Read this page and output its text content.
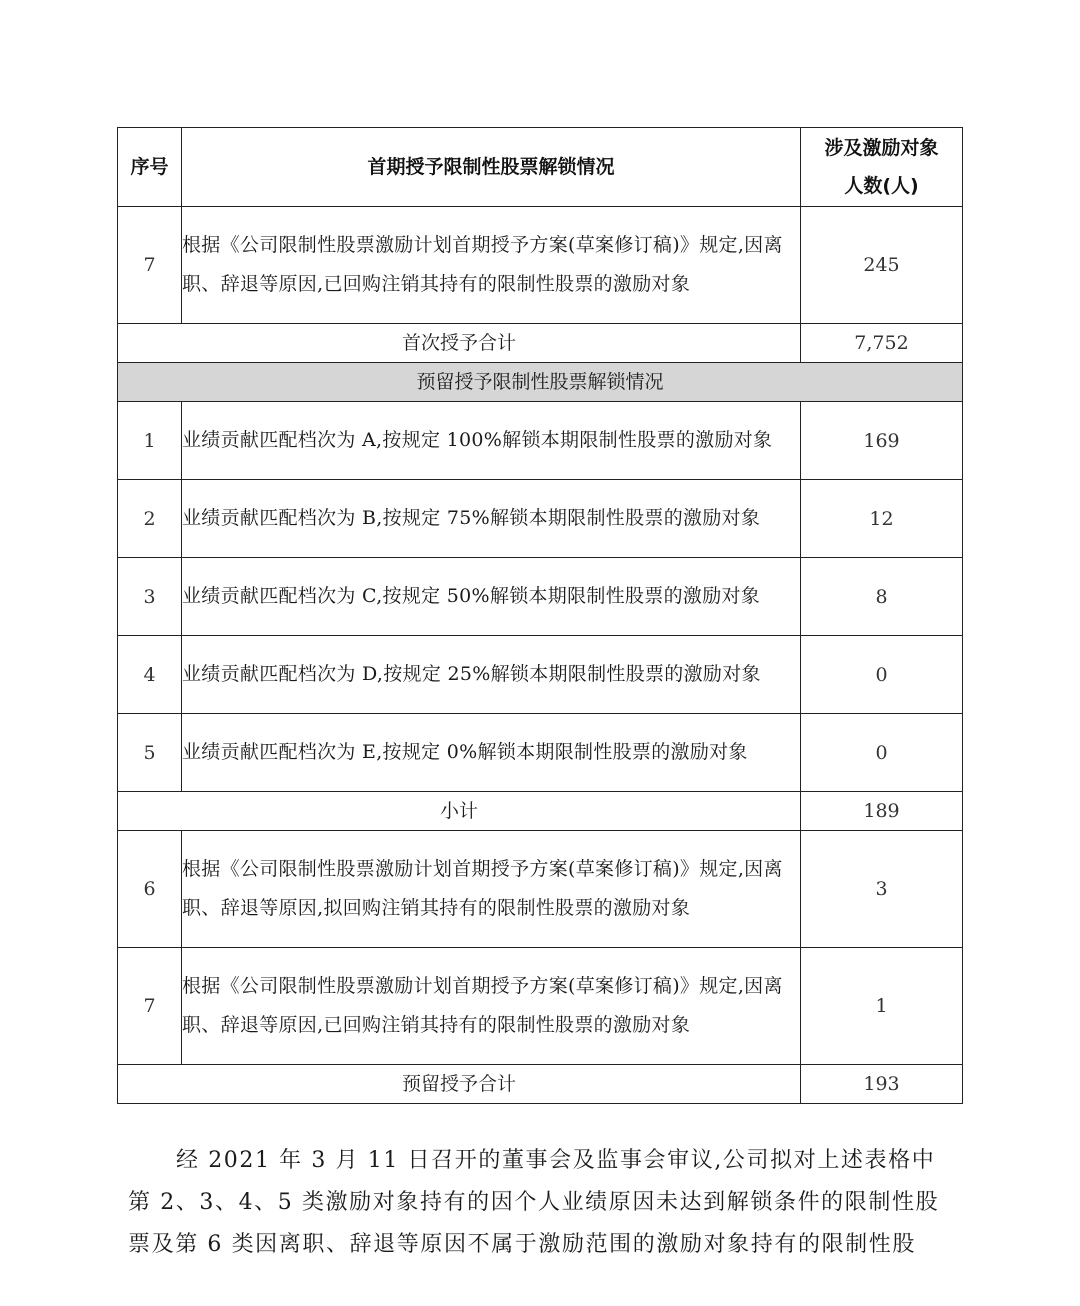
序号	首期授予限制性股票解锁情况	涉及激励对象
人数(人)

7	根据《公司限制性股票激励计划首期授予方案(草案修订稿)》规定,因离职、辞退等原因,已回购注销其持有的限制性股票的激励对象	245
首次授予合计		7,752
预留授予限制性股票解锁情况		
1	业绩贡献匹配档次为 A,按规定 100%解锁本期限制性股票的激励对象	169
2	业绩贡献匹配档次为 B,按规定 75%解锁本期限制性股票的激励对象	12
3	业绩贡献匹配档次为 C,按规定 50%解锁本期限制性股票的激励对象	8
4	业绩贡献匹配档次为 D,按规定 25%解锁本期限制性股票的激励对象	0
5	业绩贡献匹配档次为 E,按规定 0%解锁本期限制性股票的激励对象	0
小计		189
6	根据《公司限制性股票激励计划首期授予方案(草案修订稿)》规定,因离职、辞退等原因,拟回购注销其持有的限制性股票的激励对象	3
7	根据《公司限制性股票激励计划首期授予方案(草案修订稿)》规定,因离职、辞退等原因,已回购注销其持有的限制性股票的激励对象	1
预留授予合计		193
经 2021 年 3 月 11 日召开的董事会及监事会审议,公司拟对上述表格中
第 2、3、4、5 类激励对象持有的因个人业绩原因未达到解锁条件的限制性股
票及第 6 类因离职、辞退等原因不属于激励范围的激励对象持有的限制性股
